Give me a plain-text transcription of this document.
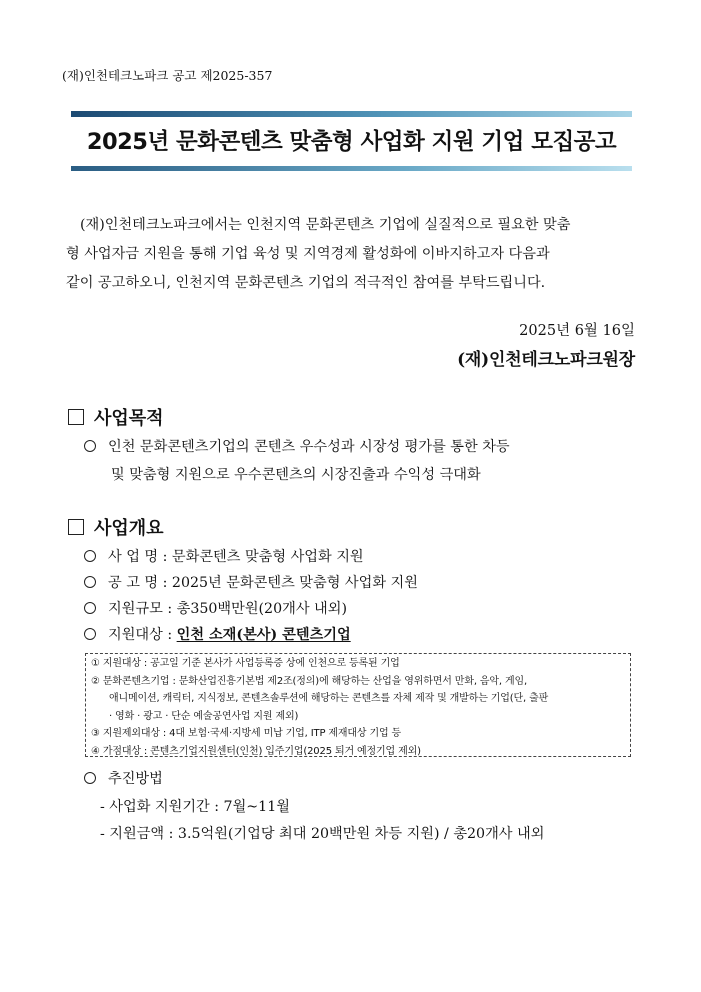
(재)인천테크노파크 공고 제2025-357
2025년 문화콘텐츠 맞춤형 사업화 지원 기업 모집공고
(재)인천테크노파크에서는 인천지역 문화콘텐츠 기업에 실질적으로 필요한 맞춤
형 사업자금 지원을 통해 기업 육성 및 지역경제 활성화에 이바지하고자 다음과
같이 공고하오니, 인천지역 문화콘텐츠 기업의 적극적인 참여를 부탁드립니다.
2025년 6월 16일
(재)인천테크노파크원장
사업목적
인천 문화콘텐츠기업의 콘텐츠 우수성과 시장성 평가를 통한 차등
및 맞춤형 지원으로 우수콘텐츠의 시장진출과 수익성 극대화
사업개요
사 업 명 : 문화콘텐츠 맞춤형 사업화 지원
공 고 명 : 2025년 문화콘텐츠 맞춤형 사업화 지원
지원규모 : 총350백만원(20개사 내외)
지원대상 : 인천 소재(본사) 콘텐츠기업
① 지원대상 : 공고일 기준 본사가 사업등록증 상에 인천으로 등록된 기업
② 문화콘텐츠기업 : 문화산업진흥기본법 제2조(정의)에 해당하는 산업을 영위하면서 만화, 음악, 게임,
애니메이션, 캐릭터, 지식정보, 콘텐츠솔루션에 해당하는 콘텐츠를 자체 제작 및 개발하는 기업(단, 출판
· 영화 · 광고 · 단순 예술공연사업 지원 제외)
③ 지원제외대상 : 4대 보험·국세·지방세 미납 기업, ITP 제재대상 기업 등
④ 가점대상 : 콘텐츠기업지원센터(인천) 입주기업(2025 퇴거 예정기업 제외)
추진방법
- 사업화 지원기간 : 7월~11월
- 지원금액 : 3.5억원(기업당 최대 20백만원 차등 지원) / 총20개사 내외
